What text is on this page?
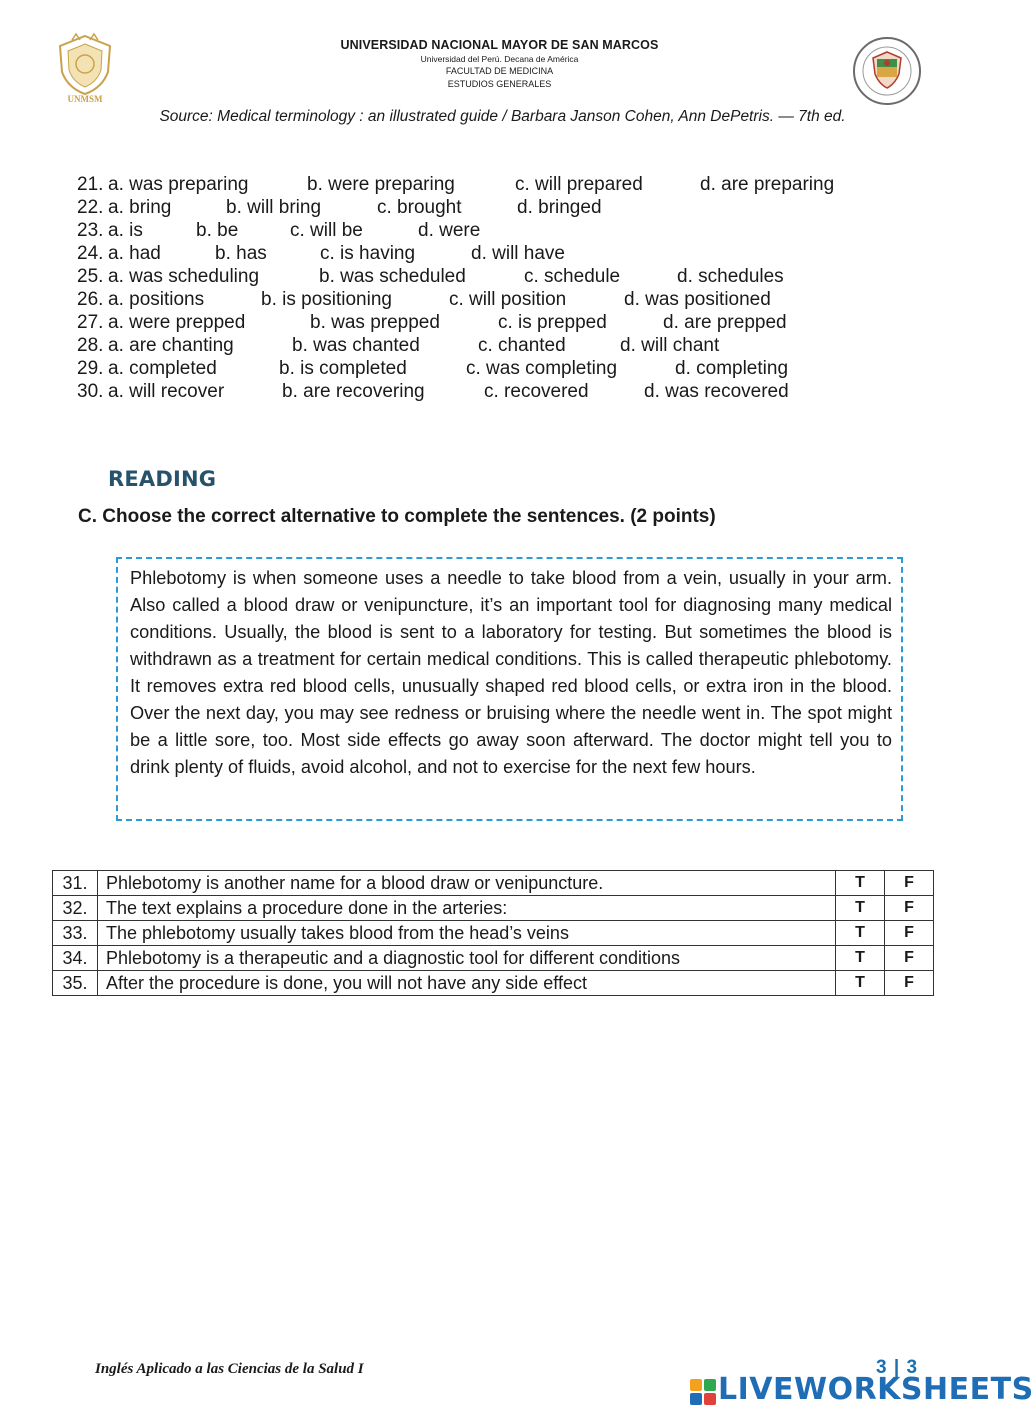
UNMSM
UNIVERSIDAD NACIONAL MAYOR DE SAN MARCOS
Universidad del Perú. Decana de América
FACULTAD DE MEDICINA
ESTUDIOS GENERALES
Source: Medical terminology : an illustrated guide / Barbara Janson Cohen, Ann DePetris. — 7th ed.
21. a. was preparing	b. were preparing	c. will prepared	d. are preparing
22. a. bring	b. will bring	c. brought	d. bringed
23. a. is	b. be	c. will be	d. were
24. a. had	b. has	c. is having	d. will have
25. a. was scheduling	b. was scheduled	c. schedule	d. schedules
26. a. positions	b. is positioning	c. will position	d. was positioned
27. a. were prepped	b. was prepped	c. is prepped	d. are prepped
28. a. are chanting	b. was chanted	c. chanted	d. will chant
29. a. completed	b. is completed	c. was completing	d. completing
30. a. will recover	b. are recovering	c. recovered	d. was recovered
READING
C. Choose the correct alternative to complete the sentences. (2 points)
Phlebotomy is when someone uses a needle to take blood from a vein, usually in your arm. Also called a blood draw or venipuncture, it’s an important tool for diagnosing many medical conditions. Usually, the blood is sent to a laboratory for testing. But sometimes the blood is withdrawn as a treatment for certain medical conditions. This is called therapeutic phlebotomy. It removes extra red blood cells, unusually shaped red blood cells, or extra iron in the blood. Over the next day, you may see redness or bruising where the needle went in. The spot might be a little sore, too. Most side effects go away soon afterward. The doctor might tell you to drink plenty of fluids, avoid alcohol, and not to exercise for the next few hours.
31.	Phlebotomy is another name for a blood draw or venipuncture.	T	F
32.	The text explains a procedure done in the arteries:	T	F
33.	The phlebotomy usually takes blood from the head’s veins	T	F
34.	Phlebotomy is a therapeutic and a diagnostic tool for different conditions	T	F
35.	After the procedure is done, you will not have any side effect	T	F
Inglés Aplicado a las Ciencias de la Salud I	3 | 3
LIVEWORKSHEETS
